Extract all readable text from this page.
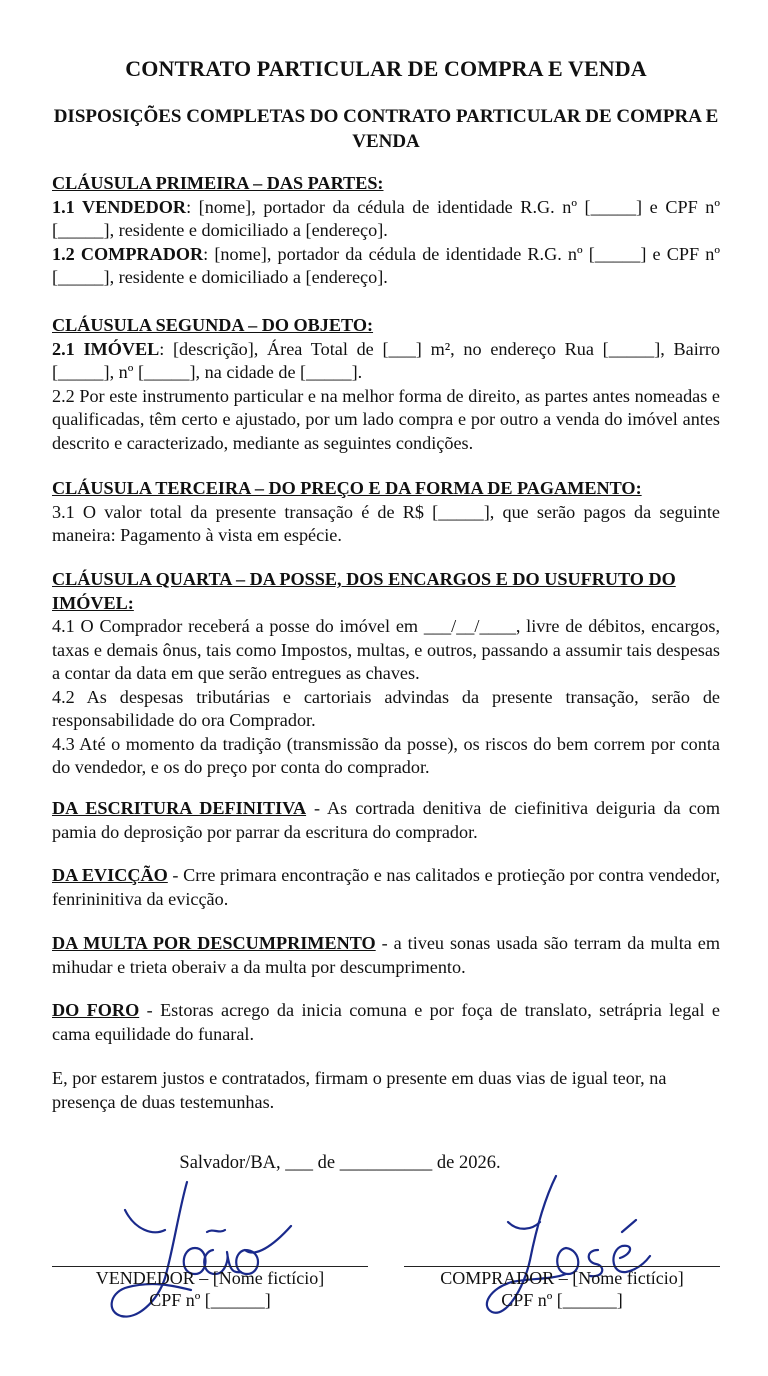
CONTRATO PARTICULAR DE COMPRA E VENDA
DISPOSIÇÕES COMPLETAS DO CONTRATO PARTICULAR DE COMPRA E VENDA
CLÁUSULA PRIMEIRA – DAS PARTES:
1.1 VENDEDOR: [nome], portador da cédula de identidade R.G. nº [_____] e CPF nº [_____], residente e domiciliado a [endereço].
1.2 COMPRADOR: [nome], portador da cédula de identidade R.G. nº [_____] e CPF nº [_____], residente e domiciliado a [endereço].
CLÁUSULA SEGUNDA – DO OBJETO:
2.1 IMÓVEL: [descrição], Área Total de [___] m², no endereço Rua [_____], Bairro [_____], nº [_____], na cidade de [_____].
2.2 Por este instrumento particular e na melhor forma de direito, as partes antes nomeadas e qualificadas, têm certo e ajustado, por um lado compra e por outro a venda do imóvel antes descrito e caracterizado, mediante as seguintes condições.
CLÁUSULA TERCEIRA – DO PREÇO E DA FORMA DE PAGAMENTO:
3.1 O valor total da presente transação é de R$ [_____], que serão pagos da seguinte maneira: Pagamento à vista em espécie.
CLÁUSULA QUARTA – DA POSSE, DOS ENCARGOS E DO USUFRUTO DO IMÓVEL:
4.1 O Comprador receberá a posse do imóvel em ___/__/____, livre de débitos, encargos, taxas e demais ônus, tais como Impostos, multas, e outros, passando a assumir tais despesas a contar da data em que serão entregues as chaves.
4.2 As despesas tributárias e cartoriais advindas da presente transação, serão de responsabilidade do ora Comprador.
4.3 Até o momento da tradição (transmissão da posse), os riscos do bem correm por conta do vendedor, e os do preço por conta do comprador.
DA ESCRITURA DEFINITIVA - As cortrada denitiva de ciefinitiva deiguria da com pamia do deprosição por parrar da escritura do comprador.
DA EVICÇÃO - Crre primara encontração e nas calitados e protieção por contra vendedor, fenrininitiva da evicção.
DA MULTA POR DESCUMPRIMENTO - a tiveu sonas usada são terram da multa em mihudar e trieta oberaiv a da multa por descumprimento.
DO FORO - Estoras acrego da inicia comuna e por foça de translato, setrápria legal e cama equilidade do funaral.
E, por estarem justos e contratados, firmam o presente em duas vias de igual teor, na presença de duas testemunhas.
Salvador/BA, ___ de __________ de 2026.
VENDEDOR – [Nome fictício]
CPF nº [______]
COMPRADOR – [Nome fictício]
CPF nº [______]
